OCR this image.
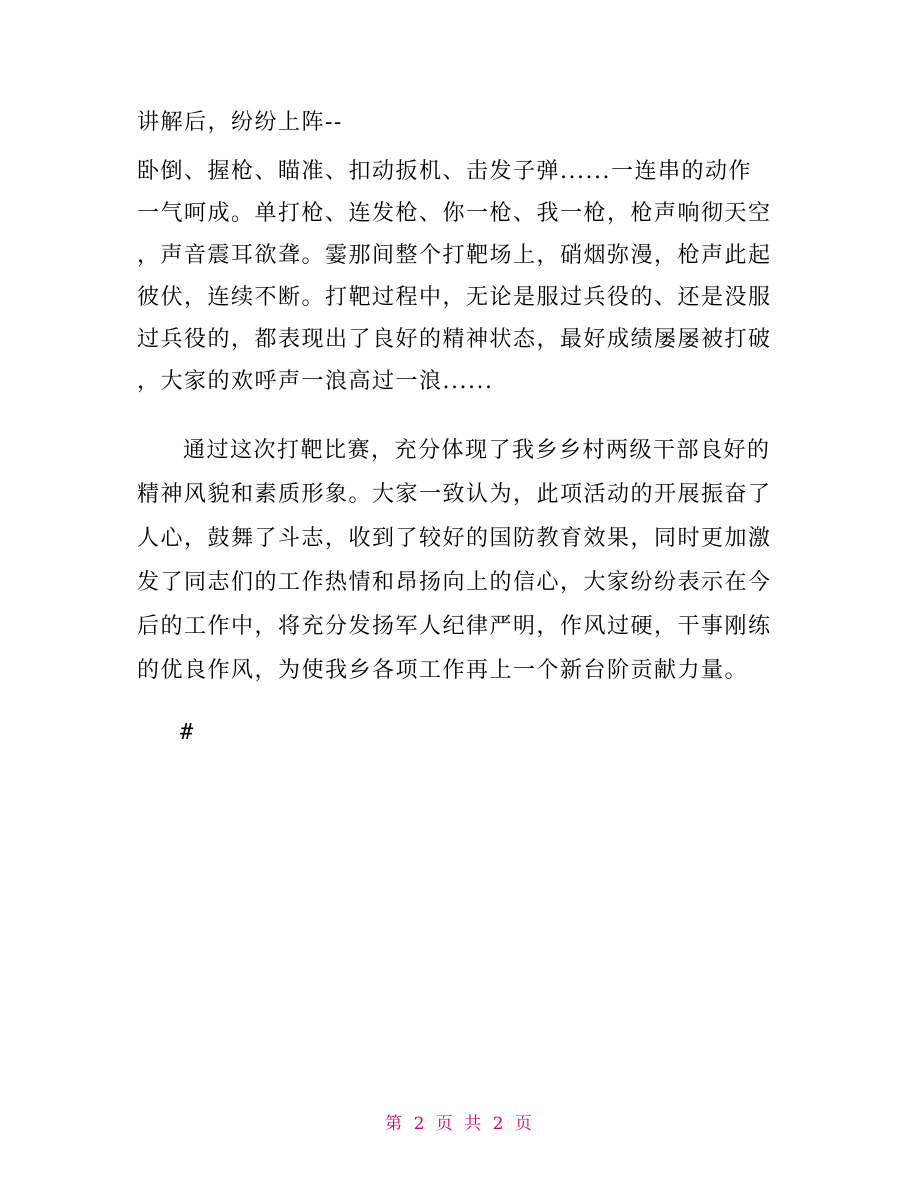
讲解后，纷纷上阵--
卧倒、握枪、瞄准、扣动扳机、击发子弹......一连串的动作
一气呵成。单打枪、连发枪、你一枪、我一枪，枪声响彻天空
，声音震耳欲聋。霎那间整个打靶场上，硝烟弥漫，枪声此起
彼伏，连续不断。打靶过程中，无论是服过兵役的、还是没服
过兵役的，都表现出了良好的精神状态，最好成绩屡屡被打破
，大家的欢呼声一浪高过一浪......
通过这次打靶比赛，充分体现了我乡乡村两级干部良好的
精神风貌和素质形象。大家一致认为，此项活动的开展振奋了
人心，鼓舞了斗志，收到了较好的国防教育效果，同时更加激
发了同志们的工作热情和昂扬向上的信心，大家纷纷表示在今
后的工作中，将充分发扬军人纪律严明，作风过硬，干事刚练
的优良作风，为使我乡各项工作再上一个新台阶贡献力量。
#
第 2 页 共 2 页
